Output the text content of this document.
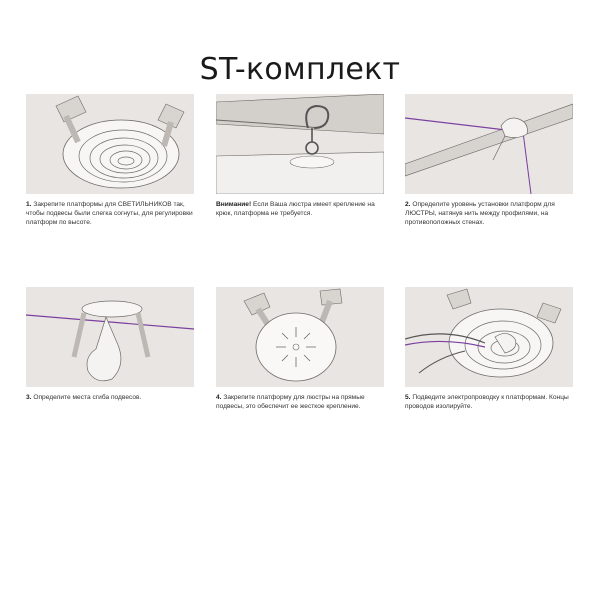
ST-комплект
1. Закрепите платформы для СВЕТИЛЬНИКОВ так, чтобы подвесы были слегка согнуты, для регулировки платформ по высоте.
Внимание! Если Ваша люстра имеет крепление на крюк, платформа не требуется.
2. Определите уровень установки платформ для ЛЮСТРЫ, натянув нить между профилями, на противоположных стенах.
3. Определите места сгиба подвесов.	4. Закрепите платформу для люстры на прямые подвесы, это обеспечит ее жесткое крепление.
5. Подведите электропроводку к платформам. Концы проводов изолируйте.
